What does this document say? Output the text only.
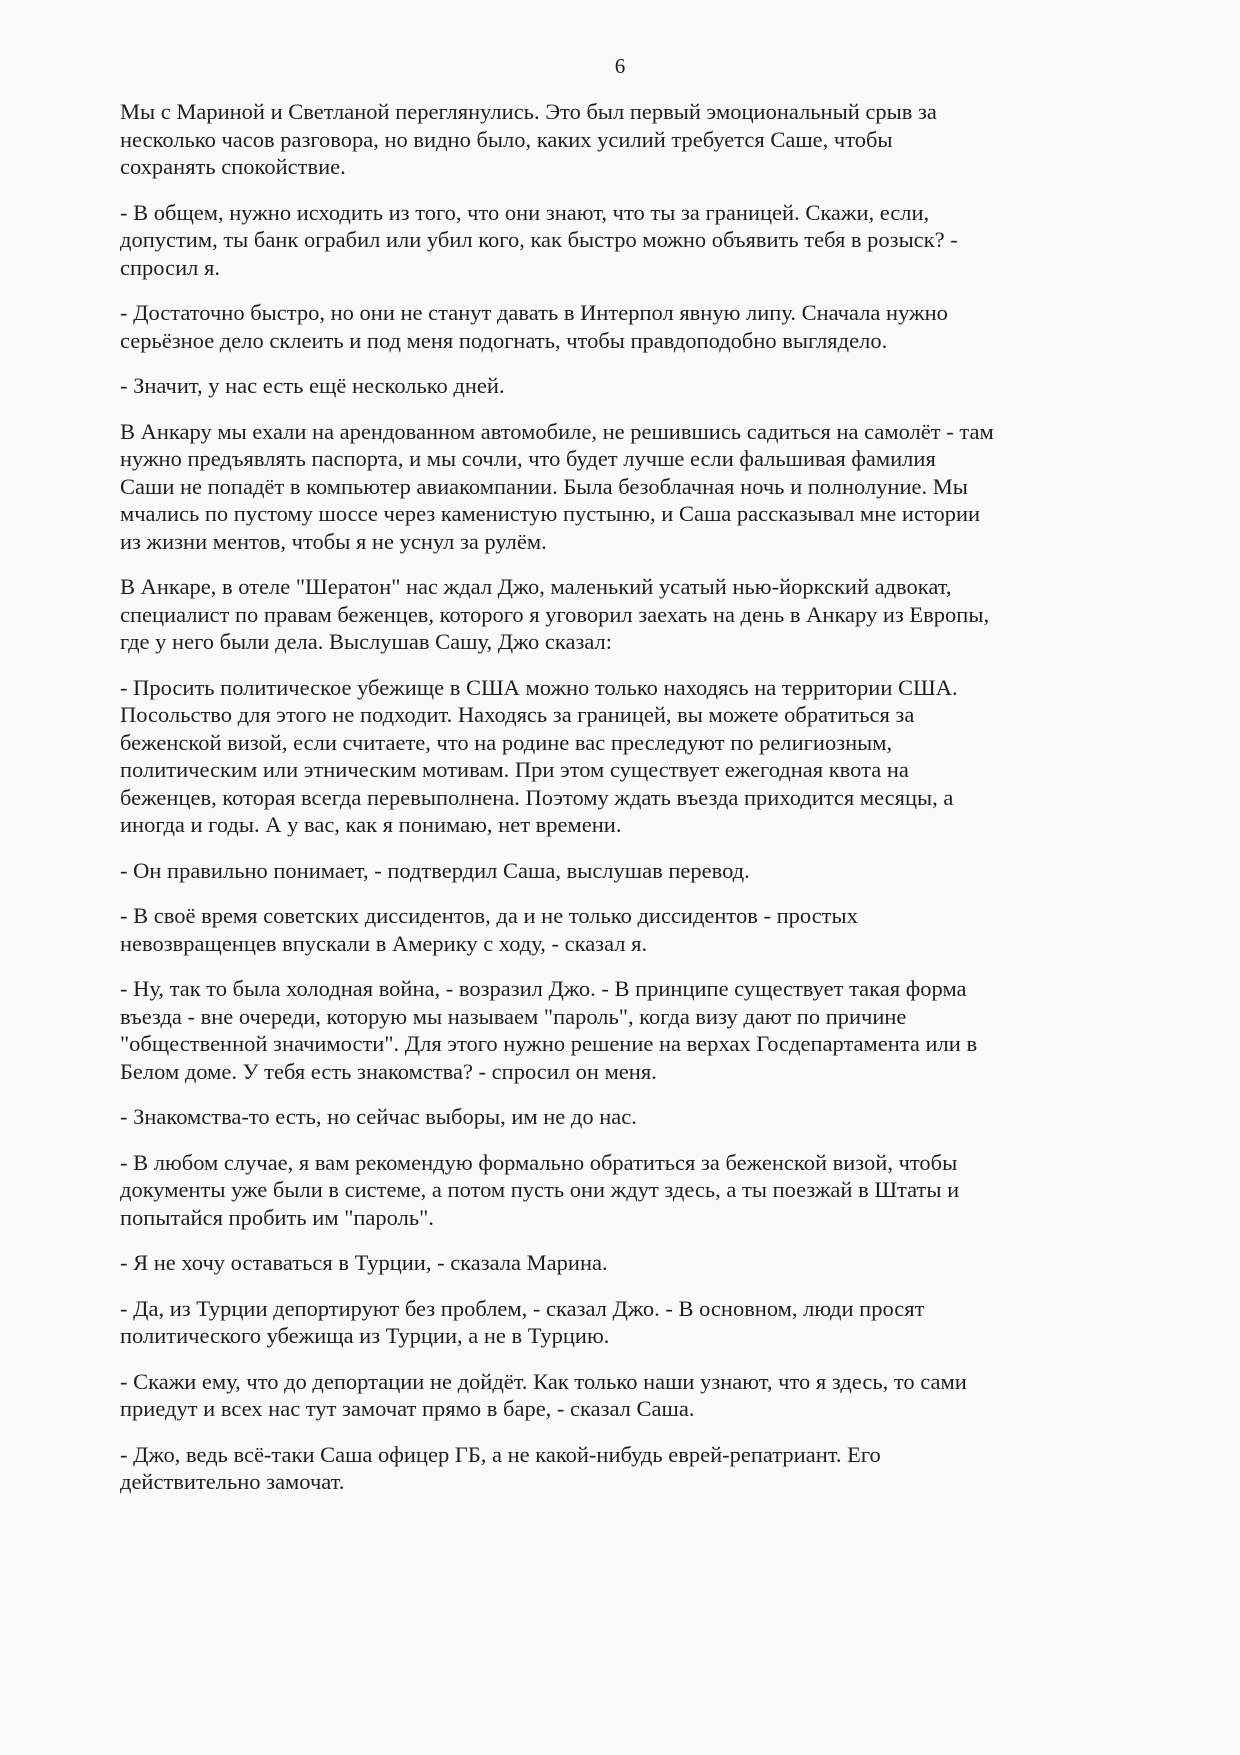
6
Мы с Мариной и Светланой переглянулись. Это был первый эмоциональный срыв за
несколько часов разговора, но видно было, каких усилий требуется Саше, чтобы
сохранять спокойствие.
- В общем, нужно исходить из того, что они знают, что ты за границей. Скажи, если,
допустим, ты банк ограбил или убил кого, как быстро можно объявить тебя в розыск? -
спросил я.
- Достаточно быстро, но они не станут давать в Интерпол явную липу. Сначала нужно
серьёзное дело склеить и под меня подогнать, чтобы правдоподобно выглядело.
- Значит, у нас есть ещё несколько дней.
В Анкару мы ехали на арендованном автомобиле, не решившись садиться на самолёт - там
нужно предъявлять паспорта, и мы сочли, что будет лучше если фальшивая фамилия
Саши не попадёт в компьютер авиакомпании. Была безоблачная ночь и полнолуние. Мы
мчались по пустому шоссе через каменистую пустыню, и Саша рассказывал мне истории
из жизни ментов, чтобы я не уснул за рулём.
В Анкаре, в отеле "Шератон" нас ждал Джо, маленький усатый нью-йоркский адвокат,
специалист по правам беженцев, которого я уговорил заехать на день в Анкару из Европы,
где у него были дела. Выслушав Сашу, Джо сказал:
- Просить политическое убежище в США можно только находясь на территории США.
Посольство для этого не подходит. Находясь за границей, вы можете обратиться за
беженской визой, если считаете, что на родине вас преследуют по религиозным,
политическим или этническим мотивам. При этом существует ежегодная квота на
беженцев, которая всегда перевыполнена. Поэтому ждать въезда приходится месяцы, а
иногда и годы. А у вас, как я понимаю, нет времени.
- Он правильно понимает, - подтвердил Саша, выслушав перевод.
- В своё время советских диссидентов, да и не только диссидентов - простых
невозвращенцев впускали в Америку с ходу, - сказал я.
- Ну, так то была холодная война, - возразил Джо. - В принципе существует такая форма
въезда - вне очереди, которую мы называем "пароль", когда визу дают по причине
"общественной значимости". Для этого нужно решение на верхах Госдепартамента или в
Белом доме. У тебя есть знакомства? - спросил он меня.
- Знакомства-то есть, но сейчас выборы, им не до нас.
- В любом случае, я вам рекомендую формально обратиться за беженской визой, чтобы
документы уже были в системе, а потом пусть они ждут здесь, а ты поезжай в Штаты и
попытайся пробить им "пароль".
- Я не хочу оставаться в Турции, - сказала Марина.
- Да, из Турции депортируют без проблем, - сказал Джо. - В основном, люди просят
политического убежища из Турции, а не в Турцию.
- Скажи ему, что до депортации не дойдёт. Как только наши узнают, что я здесь, то сами
приедут и всех нас тут замочат прямо в баре, - сказал Саша.
- Джо, ведь всё-таки Саша офицер ГБ, а не какой-нибудь еврей-репатриант. Его
действительно замочат.
